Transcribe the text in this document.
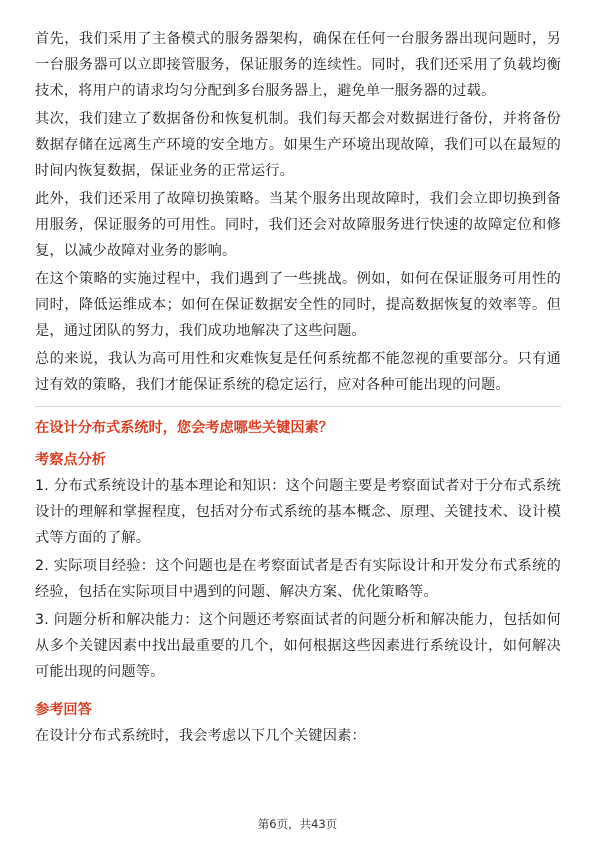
首先，我们采用了主备模式的服务器架构，确保在任何一台服务器出现问题时，另一台服务器可以立即接管服务，保证服务的连续性。同时，我们还采用了负载均衡技术，将用户的请求均匀分配到多台服务器上，避免单一服务器的过载。

其次，我们建立了数据备份和恢复机制。我们每天都会对数据进行备份，并将备份数据存储在远离生产环境的安全地方。如果生产环境出现故障，我们可以在最短的时间内恢复数据，保证业务的正常运行。

此外，我们还采用了故障切换策略。当某个服务出现故障时，我们会立即切换到备用服务，保证服务的可用性。同时，我们还会对故障服务进行快速的故障定位和修复，以减少故障对业务的影响。

在这个策略的实施过程中，我们遇到了一些挑战。例如，如何在保证服务可用性的同时，降低运维成本；如何在保证数据安全性的同时，提高数据恢复的效率等。但是，通过团队的努力，我们成功地解决了这些问题。

总的来说，我认为高可用性和灾难恢复是任何系统都不能忽视的重要部分。只有通过有效的策略，我们才能保证系统的稳定运行，应对各种可能出现的问题。

在设计分布式系统时，您会考虑哪些关键因素？

考察点分析

1. 分布式系统设计的基本理论和知识：这个问题主要是考察面试者对于分布式系统设计的理解和掌握程度，包括对分布式系统的基本概念、原理、关键技术、设计模式等方面的了解。

2. 实际项目经验：这个问题也是在考察面试者是否有实际设计和开发分布式系统的经验，包括在实际项目中遇到的问题、解决方案、优化策略等。

3. 问题分析和解决能力：这个问题还考察面试者的问题分析和解决能力，包括如何从多个关键因素中找出最重要的几个，如何根据这些因素进行系统设计，如何解决可能出现的问题等。

参考回答

在设计分布式系统时，我会考虑以下几个关键因素：

第6页，共43页
